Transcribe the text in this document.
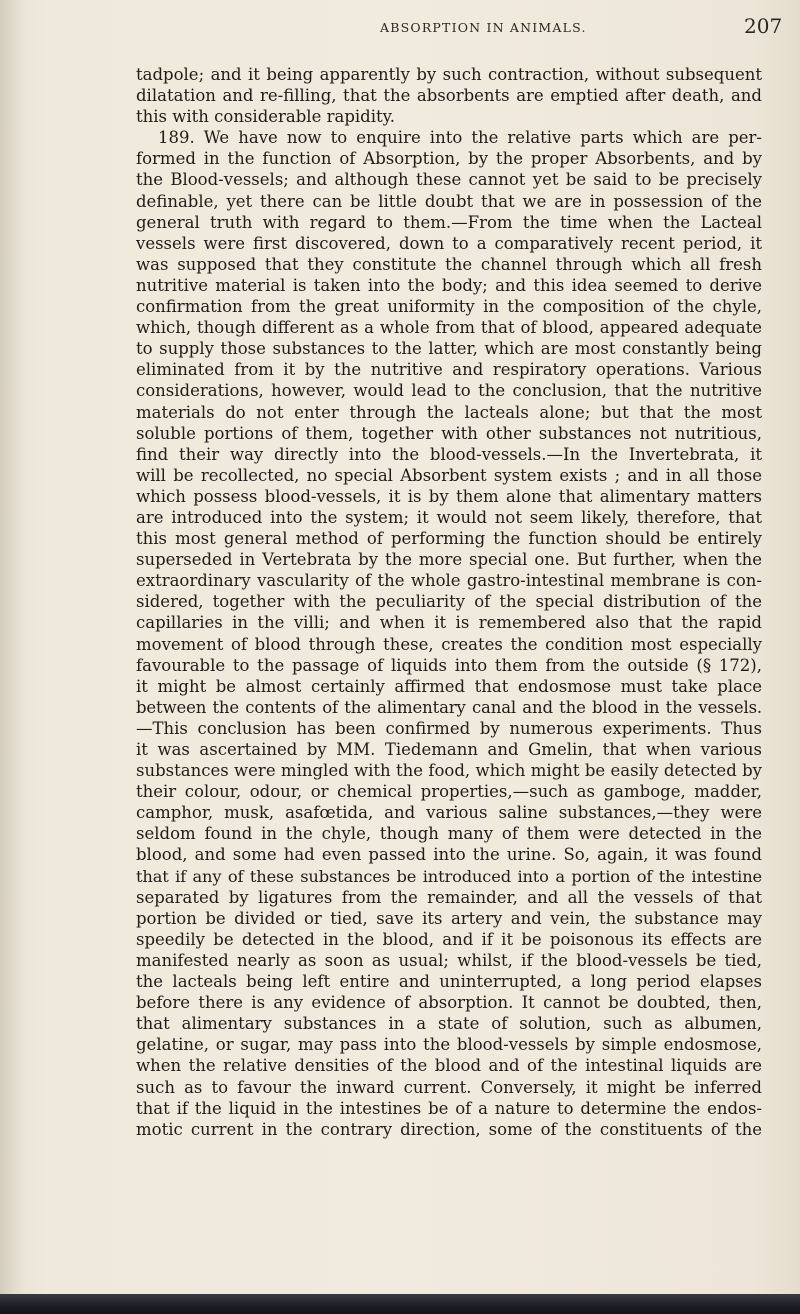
ABSORPTION IN ANIMALS.	207
tadpole; and it being apparently by such contraction, without subsequent
dilatation and re-filling, that the absorbents are emptied after death, and
this with considerable rapidity.
189. We have now to enquire into the relative parts which are per-
formed in the function of Absorption, by the proper Absorbents, and by
the Blood-vessels; and although these cannot yet be said to be precisely
definable, yet there can be little doubt that we are in possession of the
general truth with regard to them.—From the time when the Lacteal
vessels were first discovered, down to a comparatively recent period, it
was supposed that they constitute the channel through which all fresh
nutritive material is taken into the body; and this idea seemed to derive
confirmation from the great uniformity in the composition of the chyle,
which, though different as a whole from that of blood, appeared adequate
to supply those substances to the latter, which are most constantly being
eliminated from it by the nutritive and respiratory operations. Various
considerations, however, would lead to the conclusion, that the nutritive
materials do not enter through the lacteals alone; but that the most
soluble portions of them, together with other substances not nutritious,
find their way directly into the blood-vessels.—In the Invertebrata, it
will be recollected, no special Absorbent system exists ; and in all those
which possess blood-vessels, it is by them alone that alimentary matters
are introduced into the system; it would not seem likely, therefore, that
this most general method of performing the function should be entirely
superseded in Vertebrata by the more special one. But further, when the
extraordinary vascularity of the whole gastro-intestinal membrane is con-
sidered, together with the peculiarity of the special distribution of the
capillaries in the villi; and when it is remembered also that the rapid
movement of blood through these, creates the condition most especially
favourable to the passage of liquids into them from the outside (§ 172),
it might be almost certainly affirmed that endosmose must take place
between the contents of the alimentary canal and the blood in the vessels.
—This conclusion has been confirmed by numerous experiments. Thus
it was ascertained by MM. Tiedemann and Gmelin, that when various
substances were mingled with the food, which might be easily detected by
their colour, odour, or chemical properties,—such as gamboge, madder,
camphor, musk, asafœtida, and various saline substances,—they were
seldom found in the chyle, though many of them were detected in the
blood, and some had even passed into the urine. So, again, it was found
that if any of these substances be introduced into a portion of the intestine
separated by ligatures from the remainder, and all the vessels of that
portion be divided or tied, save its artery and vein, the substance may
speedily be detected in the blood, and if it be poisonous its effects are
manifested nearly as soon as usual; whilst, if the blood-vessels be tied,
the lacteals being left entire and uninterrupted, a long period elapses
before there is any evidence of absorption. It cannot be doubted, then,
that alimentary substances in a state of solution, such as albumen,
gelatine, or sugar, may pass into the blood-vessels by simple endosmose,
when the relative densities of the blood and of the intestinal liquids are
such as to favour the inward current. Conversely, it might be inferred
that if the liquid in the intestines be of a nature to determine the endos-
motic current in the contrary direction, some of the constituents of the
